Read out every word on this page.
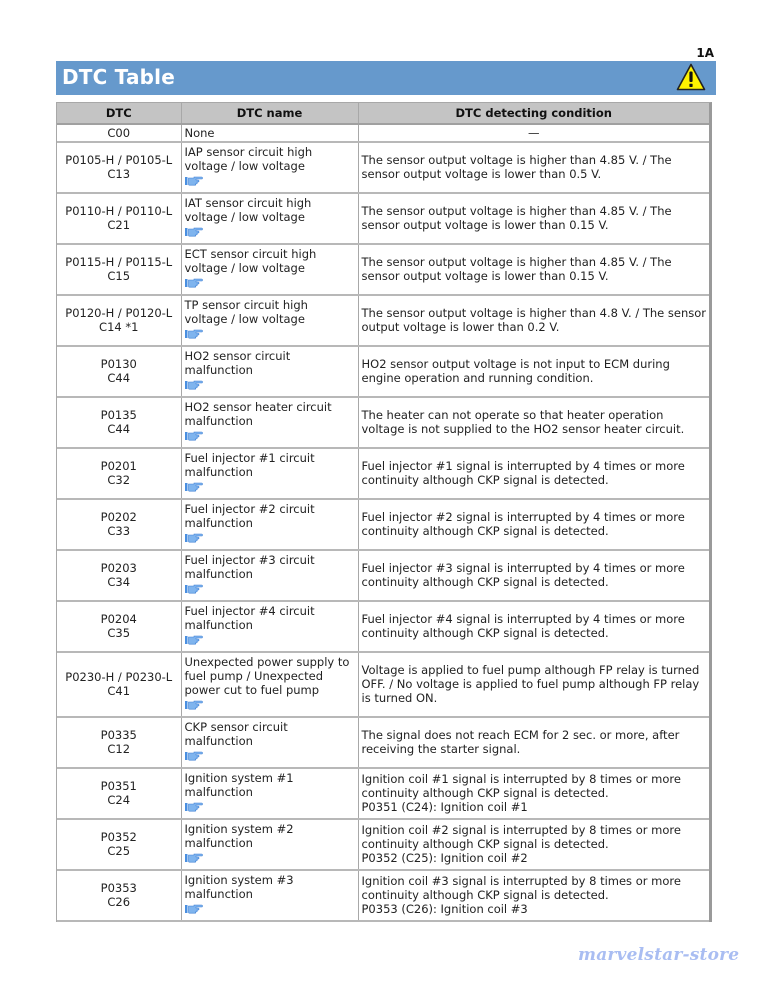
1A
DTC Table
DTC	DTC name	DTC detecting condition

C00	None	—

P0105-H / P0105-L
C13	IAP sensor circuit high voltage / low voltage	The sensor output voltage is higher than 4.85 V. / The sensor output voltage is lower than 0.5 V.

P0110-H / P0110-L
C21	IAT sensor circuit high voltage / low voltage	The sensor output voltage is higher than 4.85 V. / The sensor output voltage is lower than 0.15 V.

P0115-H / P0115-L
C15	ECT sensor circuit high voltage / low voltage	The sensor output voltage is higher than 4.85 V. / The sensor output voltage is lower than 0.15 V.

P0120-H / P0120-L
C14 *1	TP sensor circuit high voltage / low voltage	The sensor output voltage is higher than 4.8 V. / The sensor output voltage is lower than 0.2 V.

P0130
C44	HO2 sensor circuit malfunction	HO2 sensor output voltage is not input to ECM during engine operation and running condition.

P0135
C44	HO2 sensor heater circuit malfunction	The heater can not operate so that heater operation voltage is not supplied to the HO2 sensor heater circuit.

P0201
C32	Fuel injector #1 circuit malfunction	Fuel injector #1 signal is interrupted by 4 times or more continuity although CKP signal is detected.

P0202
C33	Fuel injector #2 circuit malfunction	Fuel injector #2 signal is interrupted by 4 times or more continuity although CKP signal is detected.

P0203
C34	Fuel injector #3 circuit malfunction	Fuel injector #3 signal is interrupted by 4 times or more continuity although CKP signal is detected.

P0204
C35	Fuel injector #4 circuit malfunction	Fuel injector #4 signal is interrupted by 4 times or more continuity although CKP signal is detected.

P0230-H / P0230-L
C41	Unexpected power supply to fuel pump / Unexpected power cut to fuel pump	Voltage is applied to fuel pump although FP relay is turned OFF. / No voltage is applied to fuel pump although FP relay is turned ON.

P0335
C12	CKP sensor circuit malfunction	The signal does not reach ECM for 2 sec. or more, after receiving the starter signal.

P0351
C24	Ignition system #1 malfunction	Ignition coil #1 signal is interrupted by 8 times or more continuity although CKP signal is detected.
P0351 (C24): Ignition coil #1

P0352
C25	Ignition system #2 malfunction	Ignition coil #2 signal is interrupted by 8 times or more continuity although CKP signal is detected.
P0352 (C25): Ignition coil #2

P0353
C26	Ignition system #3 malfunction	Ignition coil #3 signal is interrupted by 8 times or more continuity although CKP signal is detected.
P0353 (C26): Ignition coil #3
marvelstar-store
